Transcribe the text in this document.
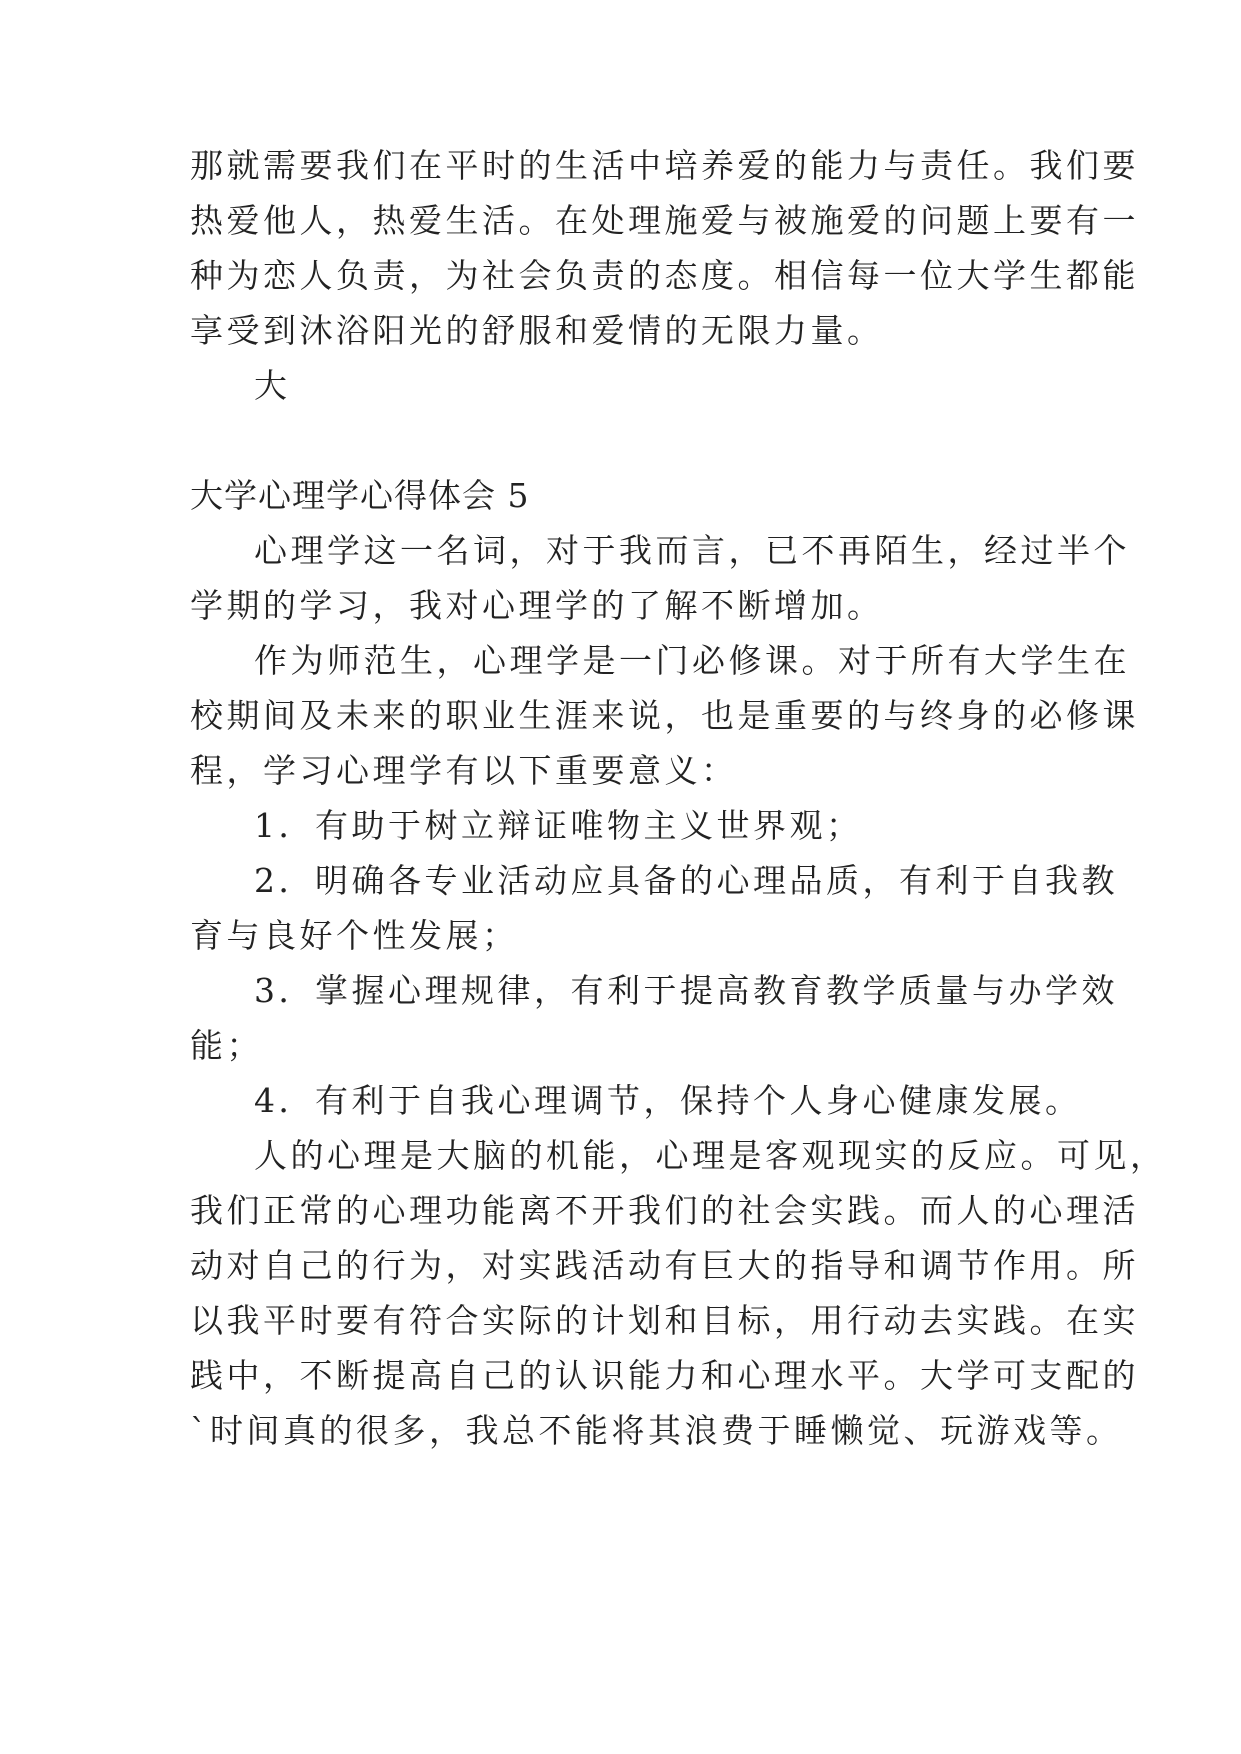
那就需要我们在平时的生活中培养爱的能力与责任。我们要
热爱他人，热爱生活。在处理施爱与被施爱的问题上要有一
种为恋人负责，为社会负责的态度。相信每一位大学生都能
享受到沐浴阳光的舒服和爱情的无限力量。
大
大学心理学心得体会 5
心理学这一名词，对于我而言，已不再陌生，经过半个
学期的学习，我对心理学的了解不断增加。
作为师范生，心理学是一门必修课。对于所有大学生在
校期间及未来的职业生涯来说，也是重要的与终身的必修课
程，学习心理学有以下重要意义：
1．有助于树立辩证唯物主义世界观；
2．明确各专业活动应具备的心理品质，有利于自我教
育与良好个性发展；
3．掌握心理规律，有利于提高教育教学质量与办学效
能；
4．有利于自我心理调节，保持个人身心健康发展。
人的心理是大脑的机能，心理是客观现实的反应。可见，
我们正常的心理功能离不开我们的社会实践。而人的心理活
动对自己的行为，对实践活动有巨大的指导和调节作用。所
以我平时要有符合实际的计划和目标，用行动去实践。在实
践中，不断提高自己的认识能力和心理水平。大学可支配的
`时间真的很多，我总不能将其浪费于睡懒觉、玩游戏等。
